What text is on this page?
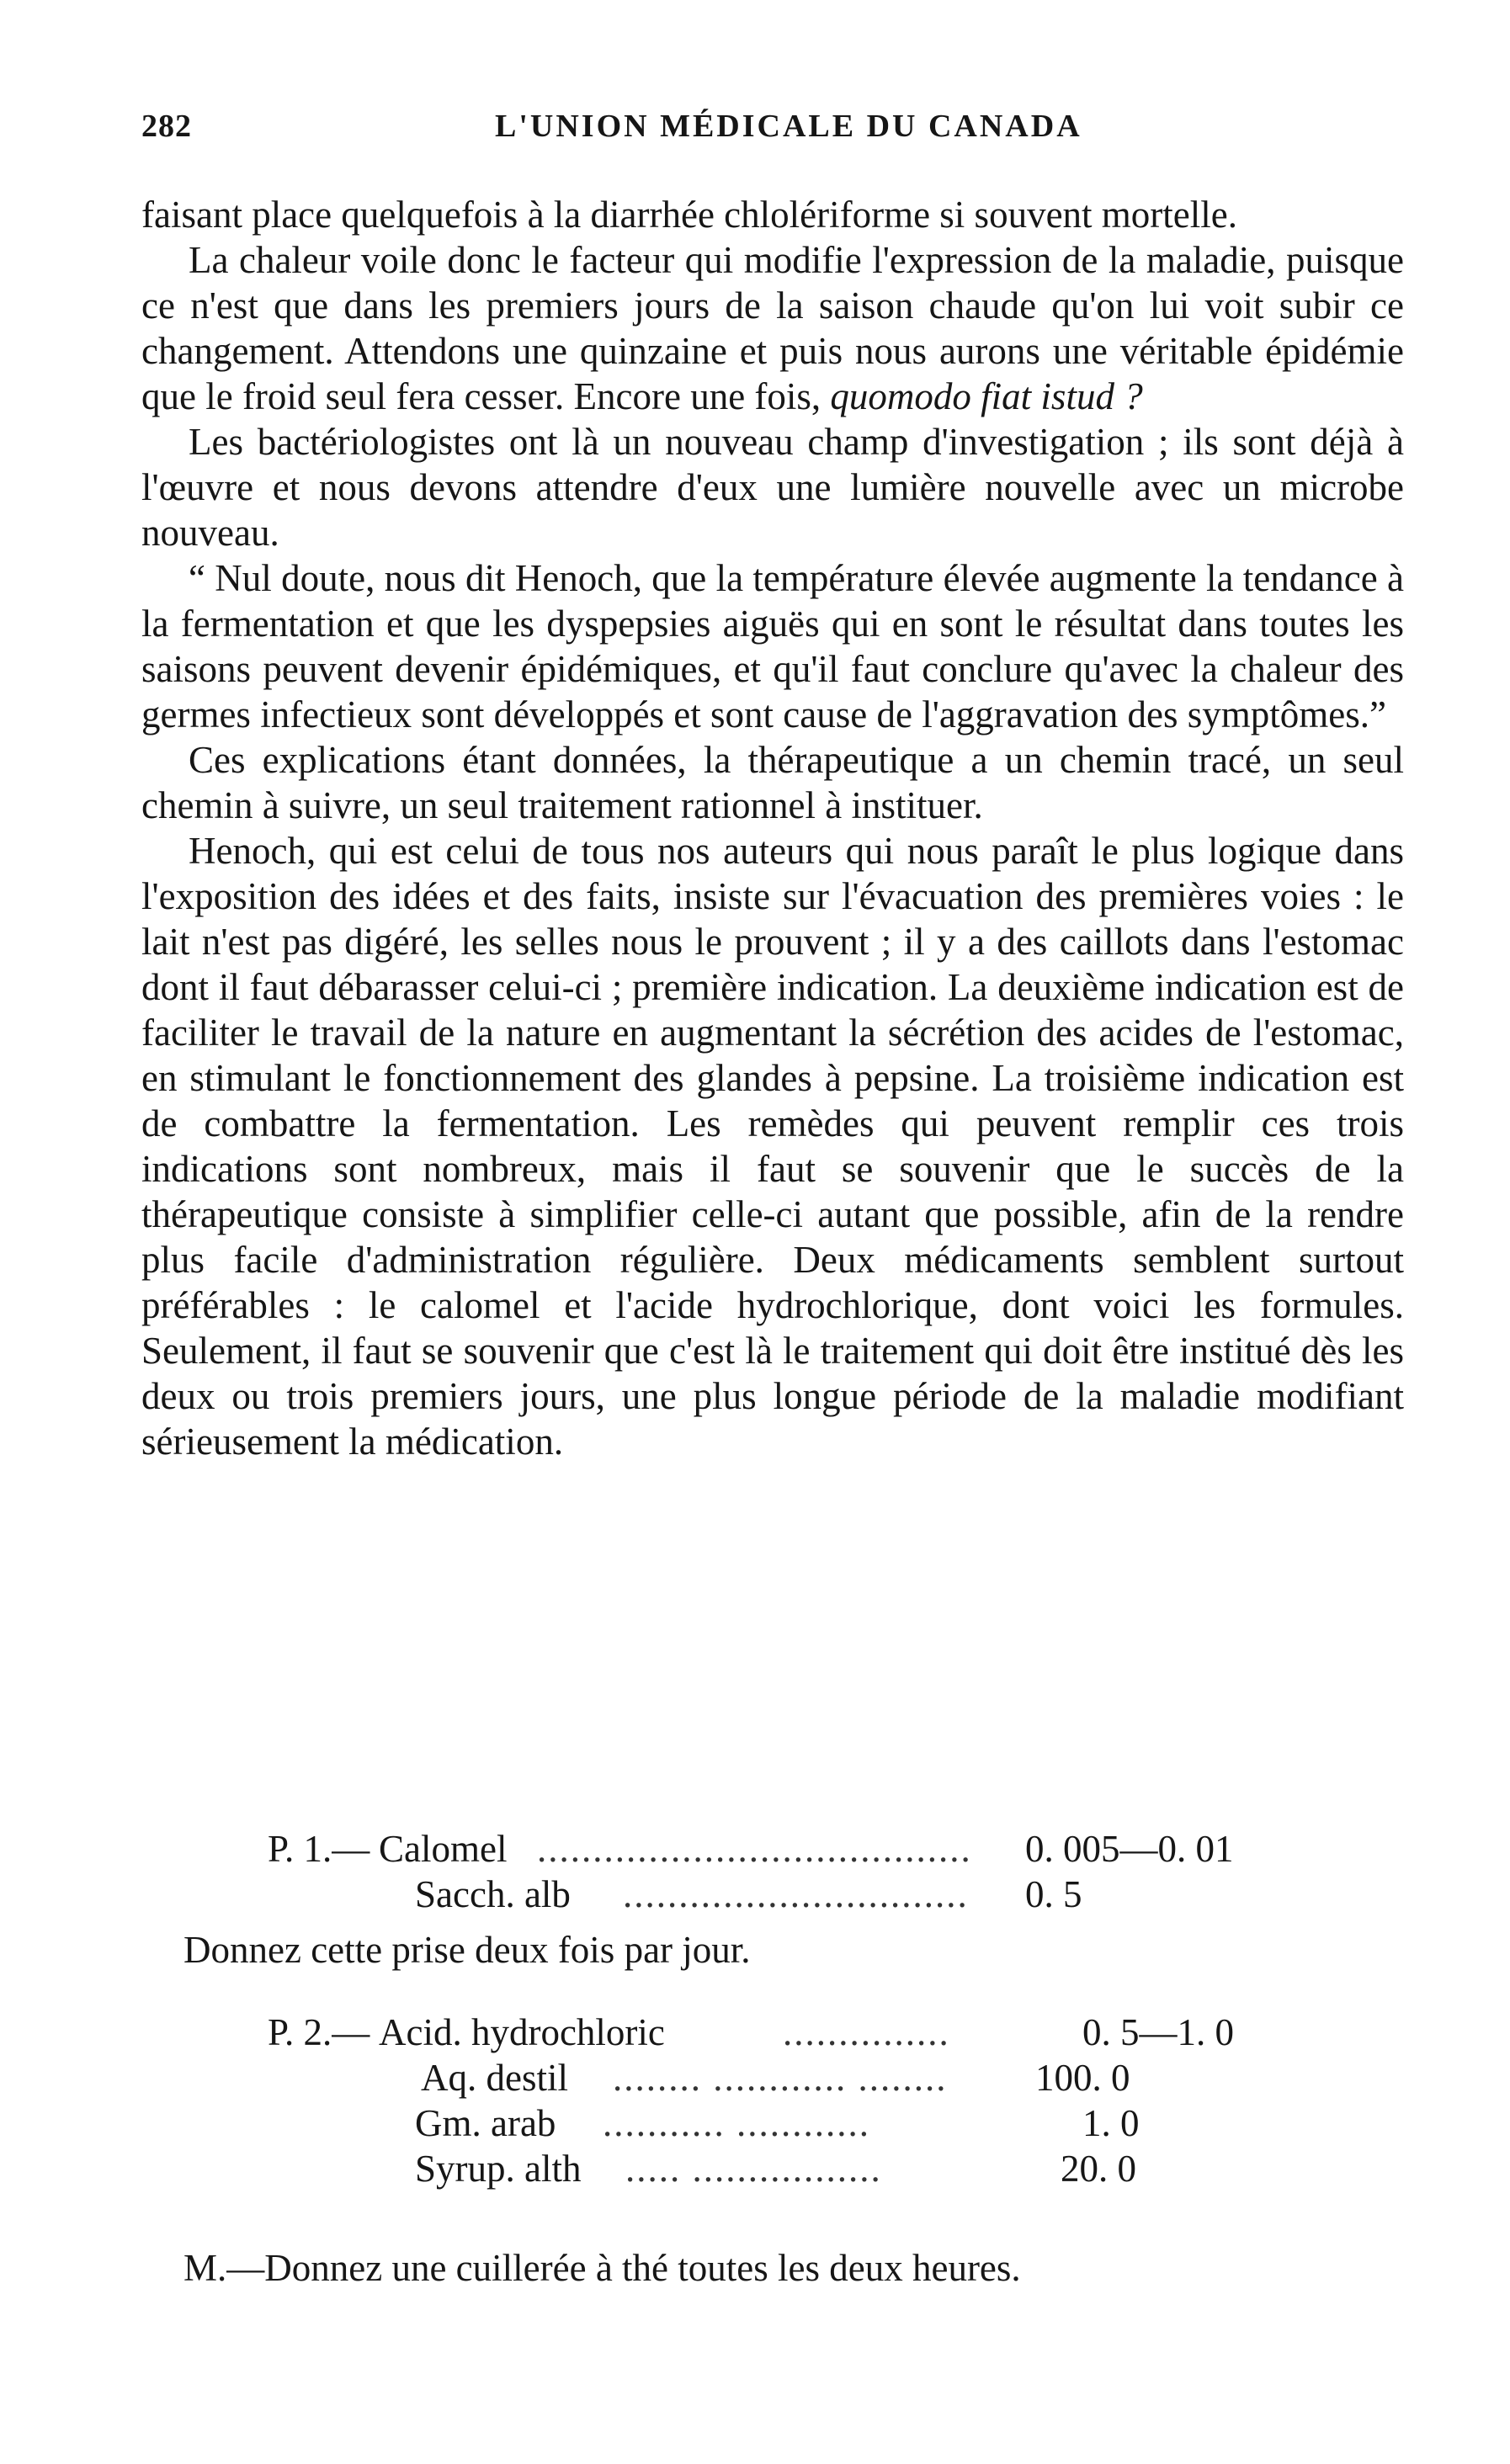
282	L'UNION MÉDICALE DU CANADA

faisant place quelquefois à la diarrhée chlolériforme si souvent mortelle.

La chaleur voile donc le facteur qui modifie l'expression de la maladie, puisque ce n'est que dans les premiers jours de la saison chaude qu'on lui voit subir ce changement. Attendons une quinzaine et puis nous aurons une véritable épidémie que le froid seul fera cesser. Encore une fois, quomodo fiat istud ?

Les bactériologistes ont là un nouveau champ d'investigation ; ils sont déjà à l'œuvre et nous devons attendre d'eux une lumière nouvelle avec un microbe nouveau.

“ Nul doute, nous dit Henoch, que la température élevée augmente la tendance à la fermentation et que les dyspepsies aiguës qui en sont le résultat dans toutes les saisons peuvent devenir épidémiques, et qu'il faut conclure qu'avec la chaleur des germes infectieux sont développés et sont cause de l'aggravation des symptômes.”

Ces explications étant données, la thérapeutique a un chemin tracé, un seul chemin à suivre, un seul traitement rationnel à instituer.

Henoch, qui est celui de tous nos auteurs qui nous paraît le plus logique dans l'exposition des idées et des faits, insiste sur l'évacuation des premières voies : le lait n'est pas digéré, les selles nous le prouvent ; il y a des caillots dans l'estomac dont il faut débarasser celui-ci ; première indication. La deuxième indication est de faciliter le travail de la nature en augmentant la sécrétion des acides de l'estomac, en stimulant le fonctionnement des glandes à pepsine. La troisième indication est de combattre la fermentation. Les remèdes qui peuvent remplir ces trois indications sont nombreux, mais il faut se souvenir que le succès de la thérapeutique consiste à simplifier celle-ci autant que possible, afin de la rendre plus facile d'administration régulière. Deux médicaments semblent surtout préférables : le calomel et l'acide hydrochlorique, dont voici les formules. Seulement, il faut se souvenir que c'est là le traitement qui doit être institué dès les deux ou trois premiers jours, une plus longue période de la maladie modifiant sérieusement la médication.

P. 1.— Calomel .......................................	0. 005—0. 01
Sacch. alb ...............................	0. 5
Donnez cette prise deux fois par jour.
P. 2.— Acid. hydrochloric	...............	0. 5—1. 0
Aq. destil ........ ............ ........	100. 0
Gm. arab ........... ............	1. 0
Syrup. alth ..... .................	20. 0
M.—Donnez une cuillerée à thé toutes les deux heures.
